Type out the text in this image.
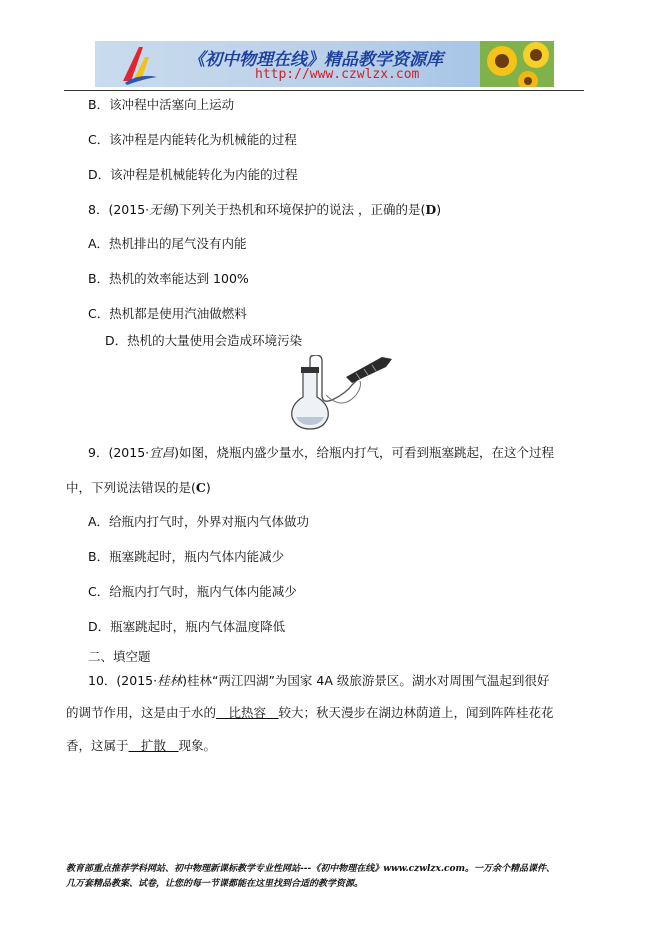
《初中物理在线》精品教学资源库
http://www.czwlzx.com
B．该冲程中活塞向上运动
C．该冲程是内能转化为机械能的过程
D．该冲程是机械能转化为内能的过程
8．(2015·无锡)下列关于热机和环境保护的说法 ，正确的是(D)
A．热机排出的尾气没有内能
B．热机的效率能达到 100%
C．热机都是使用汽油做燃料
D．热机的大量使用会造成环境污染
9．(2015·宜昌)如图，烧瓶内盛少量水，给瓶内打气，可看到瓶塞跳起，在这个过程
中，下列说法错误的是(C)
A．给瓶内打气时，外界对瓶内气体做功
B．瓶塞跳起时，瓶内气体内能减少
C．给瓶内打气时，瓶内气体内能减少
D．瓶塞跳起时，瓶内气体温度降低
二、填空题
10．(2015·桂林)桂林“两江四湖”为国家 4A 级旅游景区。湖水对周围气温起到很好
的调节作用，这是由于水的＿比热容＿较大；秋天漫步在湖边林荫道上，闻到阵阵桂花花
香，这属于＿扩散＿现象。
教育部重点推荐学科网站、初中物理新课标教学专业性网站---《初中物理在线》www.czwlzx.com。一万余个精品课件、
几万套精品教案、试卷，让您的每一节课都能在这里找到合适的教学资源。
